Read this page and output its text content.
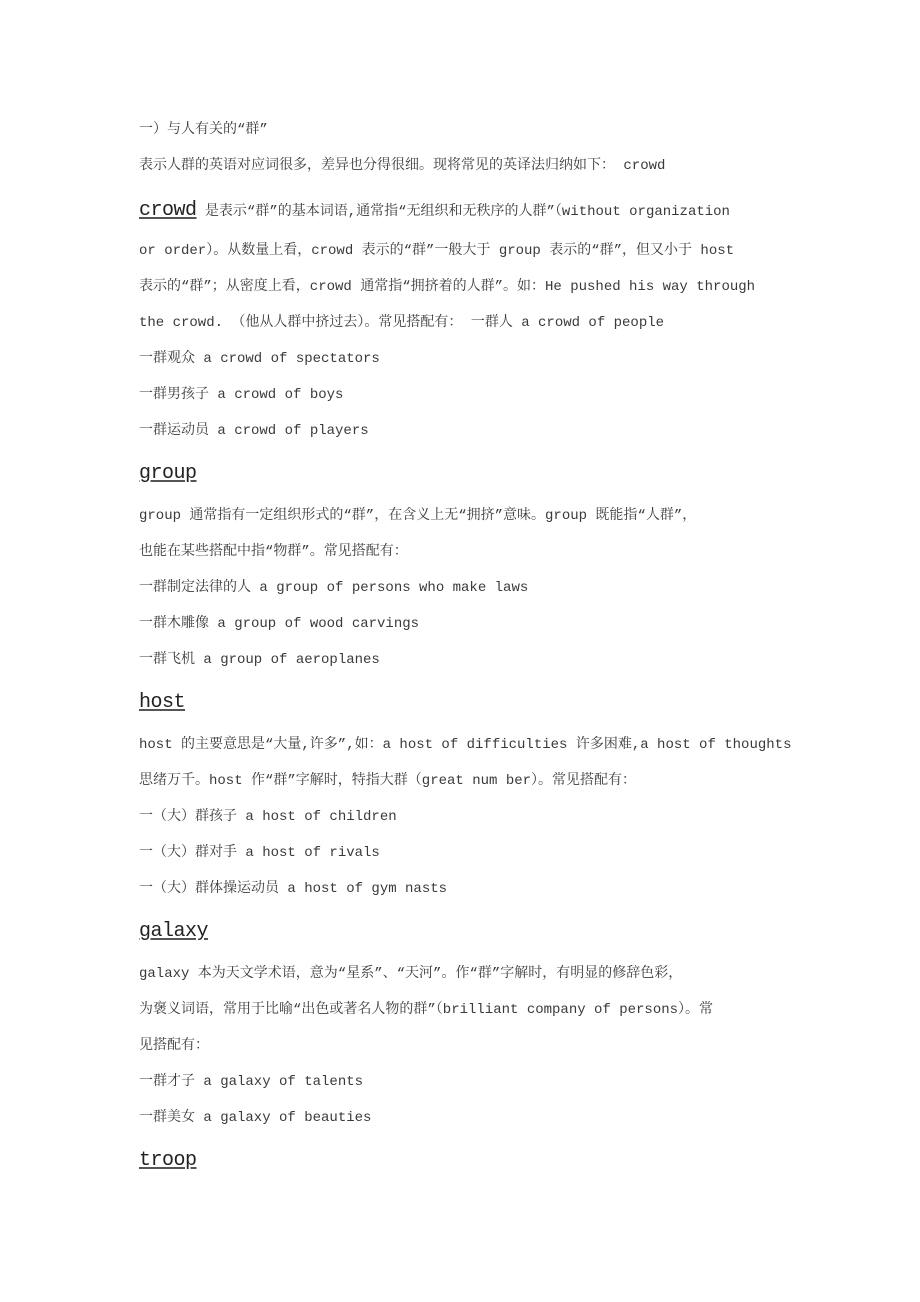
一）与人有关的“群”
表示人群的英语对应词很多，差异也分得很细。现将常见的英译法归纳如下： crowd
crowd 是表示“群”的基本词语,通常指“无组织和无秩序的人群”（without organization
or order）。从数量上看，crowd 表示的“群”一般大于 group 表示的“群”，但又小于 host
表示的“群”；从密度上看，crowd 通常指“拥挤着的人群”。如：He pushed his way through
the crowd. （他从人群中挤过去）。常见搭配有： 一群人 a crowd of people
一群观众 a crowd of spectators
一群男孩子 a crowd of boys
一群运动员 a crowd of players
group
group 通常指有一定组织形式的“群”，在含义上无“拥挤”意味。group 既能指“人群”，
也能在某些搭配中指“物群”。常见搭配有：
一群制定法律的人 a group of persons who make laws
一群木雕像 a group of wood carvings
一群飞机 a group of aeroplanes
host
host 的主要意思是“大量,许多”,如：a host of difficulties 许多困难,a host of thoughts
思绪万千。host 作“群”字解时，特指大群（great num ber）。常见搭配有：
一（大）群孩子 a host of children
一（大）群对手 a host of rivals
一（大）群体操运动员 a host of gym nasts
galaxy
galaxy 本为天文学术语，意为“星系”、“天河”。作“群”字解时，有明显的修辞色彩，
为褒义词语，常用于比喻“出色或著名人物的群”（brilliant company of persons）。常
见搭配有：
一群才子 a galaxy of talents
一群美女 a galaxy of beauties
troop
